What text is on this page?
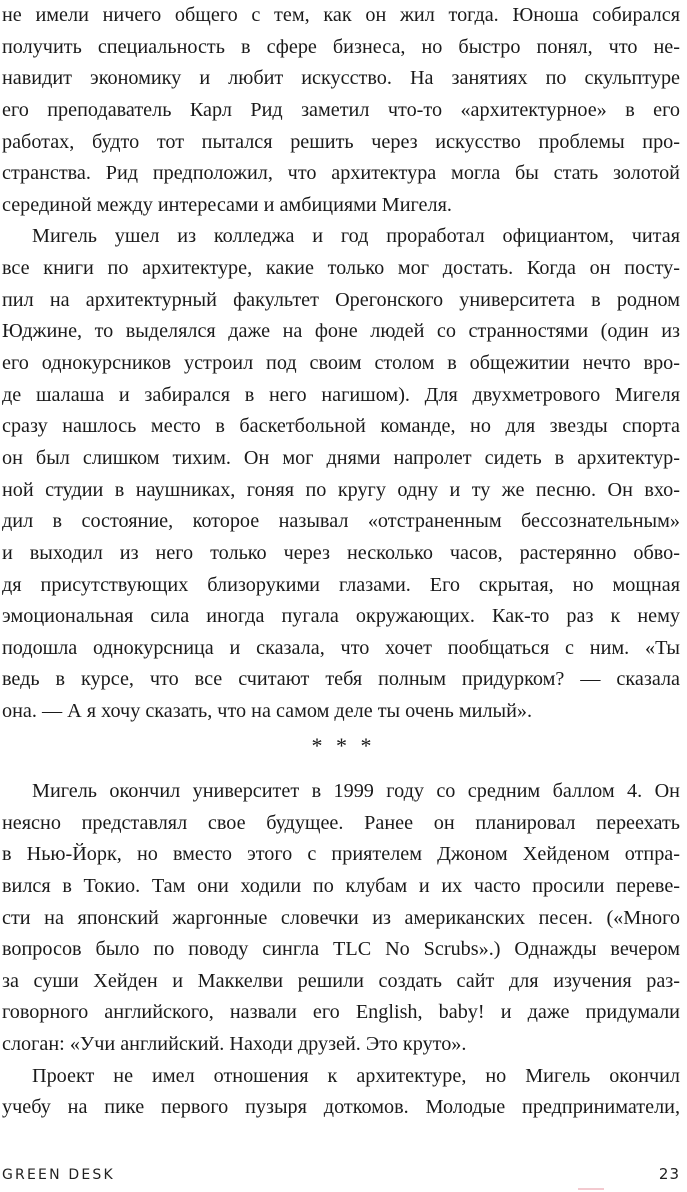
не имели ничего общего с тем, как он жил тогда. Юноша собирался
получить специальность в сфере бизнеса, но быстро понял, что не-
навидит экономику и любит искусство. На занятиях по скульптуре
его преподаватель Карл Рид заметил что-то «архитектурное» в его
работах, будто тот пытался решить через искусство проблемы про-
странства. Рид предположил, что архитектура могла бы стать золотой
серединой между интересами и амбициями Мигеля.
Мигель ушел из колледжа и год проработал официантом, читая
все книги по архитектуре, какие только мог достать. Когда он посту-
пил на архитектурный факультет Орегонского университета в родном
Юджине, то выделялся даже на фоне людей со странностями (один из
его однокурсников устроил под своим столом в общежитии нечто вро-
де шалаша и забирался в него нагишом). Для двухметрового Мигеля
сразу нашлось место в баскетбольной команде, но для звезды спорта
он был слишком тихим. Он мог днями напролет сидеть в архитектур-
ной студии в наушниках, гоняя по кругу одну и ту же песню. Он вхо-
дил в состояние, которое называл «отстраненным бессознательным»
и выходил из него только через несколько часов, растерянно обво-
дя присутствующих близорукими глазами. Его скрытая, но мощная
эмоциональная сила иногда пугала окружающих. Как-то раз к нему
подошла однокурсница и сказала, что хочет пообщаться с ним. «Ты
ведь в курсе, что все считают тебя полным придурком? — сказала
она. — А я хочу сказать, что на самом деле ты очень милый».
* * *
Мигель окончил университет в 1999 году со средним баллом 4. Он
неясно представлял свое будущее. Ранее он планировал переехать
в Нью-Йорк, но вместо этого с приятелем Джоном Хейденом отпра-
вился в Токио. Там они ходили по клубам и их часто просили переве-
сти на японский жаргонные словечки из американских песен. («Много
вопросов было по поводу сингла TLC No Scrubs».) Однажды вечером
за суши Хейден и Маккелви решили создать сайт для изучения раз-
говорного английского, назвали его English, baby! и даже придумали
слоган: «Учи английский. Находи друзей. Это круто».
Проект не имел отношения к архитектуре, но Мигель окончил
учебу на пике первого пузыря доткомов. Молодые предприниматели,
GREEN DESK	23
